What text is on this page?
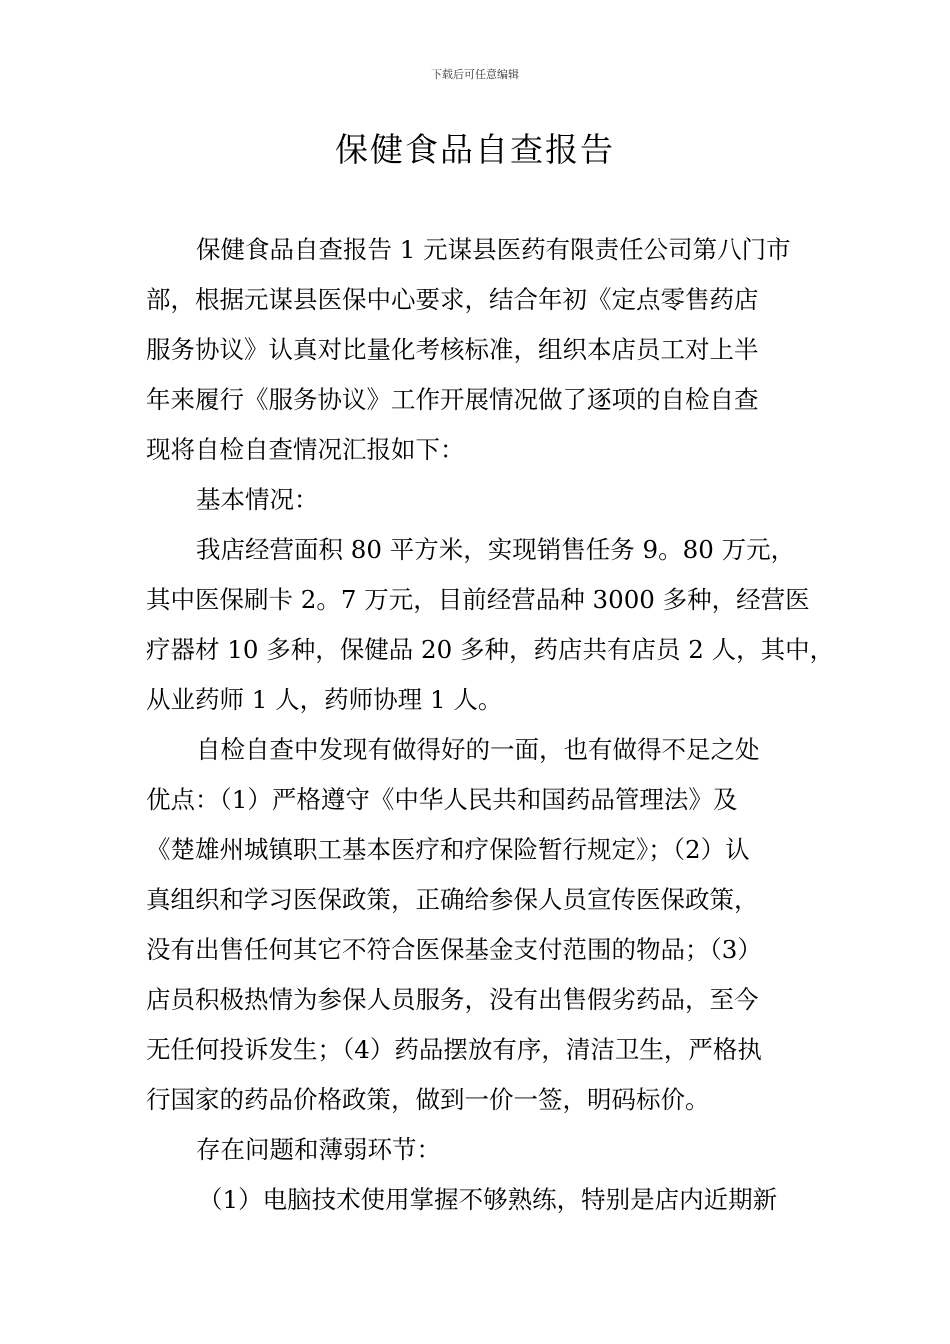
下载后可任意编辑
保健食品自查报告
保健食品自查报告 1 元谋县医药有限责任公司第八门市
部，根据元谋县医保中心要求，结合年初《定点零售药店
服务协议》认真对比量化考核标准，组织本店员工对上半
年来履行《服务协议》工作开展情况做了逐项的自检自查
现将自检自查情况汇报如下：
基本情况：
我店经营面积 80 平方米，实现销售任务 9。80 万元，
其中医保刷卡 2。7 万元，目前经营品种 3000 多种，经营医
疗器材 10 多种，保健品 20 多种，药店共有店员 2 人，其中，
从业药师 1 人，药师协理 1 人。
自检自查中发现有做得好的一面，也有做得不足之处
优点：（1）严格遵守《中华人民共和国药品管理法》及
《楚雄州城镇职工基本医疗和疗保险暂行规定》；（2）认
真组织和学习医保政策，正确给参保人员宣传医保政策，
没有出售任何其它不符合医保基金支付范围的物品；（3）
店员积极热情为参保人员服务，没有出售假劣药品，至今
无任何投诉发生；（4）药品摆放有序，清洁卫生，严格执
行国家的药品价格政策，做到一价一签，明码标价。
存在问题和薄弱环节：
（1）电脑技术使用掌握不够熟练，特别是店内近期新
